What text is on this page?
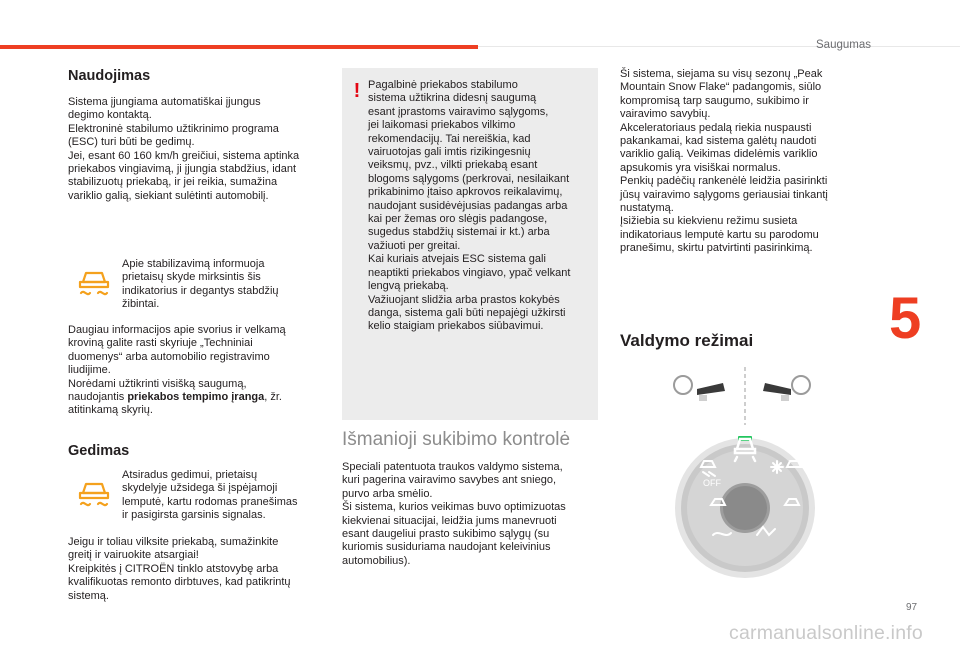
Saugumas
5
97
carmanualsonline.info
Naudojimas

Sistema įjungiama automatiškai įjungus
degimo kontaktą.
Elektroninė stabilumo užtikrinimo programa
(ESC) turi būti be gedimų.
Jei, esant 60 160 km/h greičiui, sistema aptinka
priekabos vingiavimą, ji įjungia stabdžius, idant
stabilizuotų priekabą, ir jei reikia, sumažina
variklio galią, siekiant sulėtinti automobilį.

Apie stabilizavimą informuoja
prietaisų skyde mirksintis šis
indikatorius ir degantys stabdžių
žibintai.

Daugiau informacijos apie svorius ir velkamą
kroviną galite rasti skyriuje „Techniniai
duomenys“ arba automobilio registravimo
liudijime.
Norėdami užtikrinti visišką saugumą,
naudojantis priekabos tempimo įranga, žr.
atitinkamą skyrių.

Gedimas

Atsiradus gedimui, prietaisų
skydelyje užsidega ši įspėjamoji
lemputė, kartu rodomas pranešimas
ir pasigirsta garsinis signalas.

Jeigu ir toliau vilksite priekabą, sumažinkite
greitį ir vairuokite atsargiai!
Kreipkitės į CITROËN tinklo atstovybę arba
kvalifikuotas remonto dirbtuves, kad patikrintų
sistemą.

! Pagalbinė priekabos stabilumo
sistema užtikrina didesnį saugumą
esant įprastoms vairavimo sąlygoms,
jei laikomasi priekabos vilkimo
rekomendacijų. Tai nereiškia, kad
vairuotojas gali imtis rizikingesnių
veiksmų, pvz., vilkti priekabą esant
blogoms sąlygoms (perkrovai, nesilaikant
prikabinimo įtaiso apkrovos reikalavimų,
naudojant susidėvėjusias padangas arba
kai per žemas oro slėgis padangose,
sugedus stabdžių sistemai ir kt.) arba
važiuoti per greitai.
Kai kuriais atvejais ESC sistema gali
neaptikti priekabos vingiavo, ypač velkant
lengvą priekabą.
Važiuojant slidžia arba prastos kokybės
danga, sistema gali būti nepajėgi užkirsti
kelio staigiam priekabos siūbavimui.

Išmanioji sukibimo kontrolė

Speciali patentuota traukos valdymo sistema,
kuri pagerina vairavimo savybes ant sniego,
purvo arba smėlio.
Ši sistema, kurios veikimas buvo optimizuotas
kiekvienai situacijai, leidžia jums manevruoti
esant daugeliui prasto sukibimo sąlygų (su
kuriomis susiduriama naudojant keleivinius
automobilius).

Ši sistema, siejama su visų sezonų „Peak
Mountain Snow Flake“ padangomis, siūlo
kompromisą tarp saugumo, sukibimo ir
vairavimo savybių.
Akceleratoriaus pedalą riekia nuspausti
pakankamai, kad sistema galėtų naudoti
variklio galią. Veikimas didelėmis variklio
apsukomis yra visiškai normalus.
Penkių padėčių rankenėlė leidžia pasirinkti
jūsų vairavimo sąlygoms geriausiai tinkantį
nustatymą.
Įsižiebia su kiekvienu režimu susieta
indikatoriaus lemputė kartu su parodomu
pranešimu, skirtu patvirtinti pasirinkimą.

Valdymo režimai
OFF
